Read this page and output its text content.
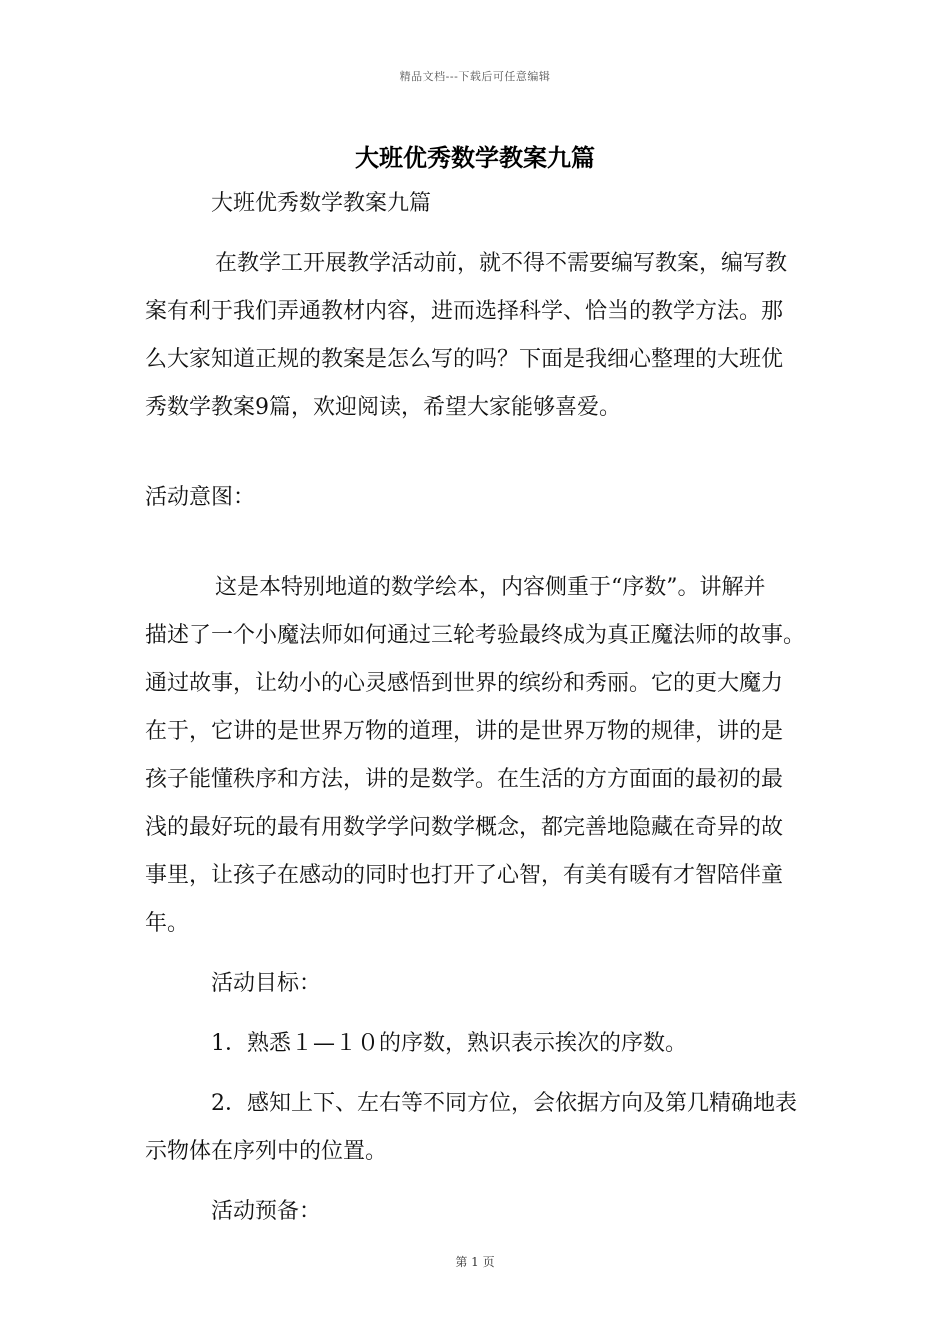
精品文档---下载后可任意编辑
大班优秀数学教案九篇
大班优秀数学教案九篇
在教学工开展教学活动前，就不得不需要编写教案，编写教
案有利于我们弄通教材内容，进而选择科学、恰当的教学方法。那
么大家知道正规的教案是怎么写的吗？下面是我细心整理的大班优
秀数学教案9篇，欢迎阅读，希望大家能够喜爱。
活动意图：
这是本特别地道的数学绘本，内容侧重于“序数”。讲解并
描述了一个小魔法师如何通过三轮考验最终成为真正魔法师的故事。
通过故事，让幼小的心灵感悟到世界的缤纷和秀丽。它的更大魔力
在于，它讲的是世界万物的道理，讲的是世界万物的规律，讲的是
孩子能懂秩序和方法，讲的是数学。在生活的方方面面的最初的最
浅的最好玩的最有用数学学问数学概念，都完善地隐藏在奇异的故
事里，让孩子在感动的同时也打开了心智，有美有暖有才智陪伴童
年。
活动目标：
1．熟悉１—１０的序数，熟识表示挨次的序数。
2．感知上下、左右等不同方位，会依据方向及第几精确地表
示物体在序列中的位置。
活动预备：
第 1 页
